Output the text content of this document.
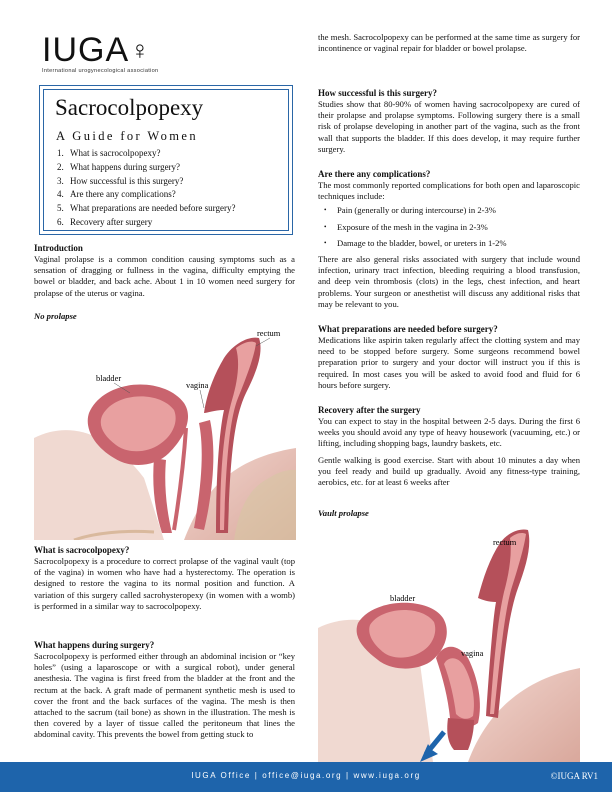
IUGA♀
International urogynecological association
Sacrocolpopexy
A Guide for Women
1. What is sacrocolpopexy?
2. What happens during surgery?
3. How successful is this surgery?
4. Are there any complications?
5. What preparations are needed before surgery?
6. Recovery after surgery
Introduction

Vaginal prolapse is a common condition causing symptoms such as a sensation of dragging or fullness in the vagina, difficulty emptying the bowel or bladder, and back ache. About 1 in 10 women need surgery for prolapse of the uterus or vagina.

No prolapse
rectum
bladder
vagina
What is sacrocolpopexy?

Sacrocolpopexy is a procedure to correct prolapse of the vaginal vault (top of the vagina) in women who have had a hysterectomy. The operation is designed to restore the vagina to its normal position and function. A variation of this surgery called sacrohysteropexy (in women with a womb) is performed in a similar way to sacrocolpopexy.

What happens during surgery?

Sacrocolpopexy is performed either through an abdominal incision or “key holes” (using a laparoscope or with a surgical robot), under general anesthesia. The vagina is first freed from the bladder at the front and the rectum at the back. A graft made of permanent synthetic mesh is used to cover the front and the back surfaces of the vagina. The mesh is then attached to the sacrum (tail bone) as shown in the illustration. The mesh is then covered by a layer of tissue called the peritoneum that lines the abdominal cavity. This prevents the bowel from getting stuck to

the mesh. Sacrocolpopexy can be performed at the same time as surgery for incontinence or vaginal repair for bladder or bowel prolapse.

How successful is this surgery?

Studies show that 80-90% of women having sacrocolpopexy are cured of their prolapse and prolapse symptoms. Following surgery there is a small risk of prolapse developing in another part of the vagina, such as the front wall that supports the bladder. If this does develop, it may require further surgery.

Are there any complications?

The most commonly reported complications for both open and laparoscopic techniques include:

• Pain (generally or during intercourse) in 2-3%
• Exposure of the mesh in the vagina in 2-3%
• Damage to the bladder, bowel, or ureters in 1-2%

There are also general risks associated with surgery that include wound infection, urinary tract infection, bleeding requiring a blood transfusion, and deep vein thrombosis (clots) in the legs, chest infection, and heart problems. Your surgeon or anesthetist will discuss any additional risks that may be relevant to you.

What preparations are needed before surgery?

Medications like aspirin taken regularly affect the clotting system and may need to be stopped before surgery. Some surgeons recommend bowel preparation prior to surgery and your doctor will instruct you if this is required. In most cases you will be asked to avoid food and fluid for 6 hours before surgery.

Recovery after the surgery

You can expect to stay in the hospital between 2-5 days. During the first 6 weeks you should avoid any type of heavy housework (vacuuming, etc.) or lifting, including shopping bags, laundry baskets, etc.

Gentle walking is good exercise. Start with about 10 minutes a day when you feel ready and build up gradually. Avoid any fitness-type training, aerobics, etc. for at least 6 weeks after

Vault prolapse
rectum
bladder
vagina
IUGA Office | office@iuga.org | www.iuga.org	©IUGA RV1
